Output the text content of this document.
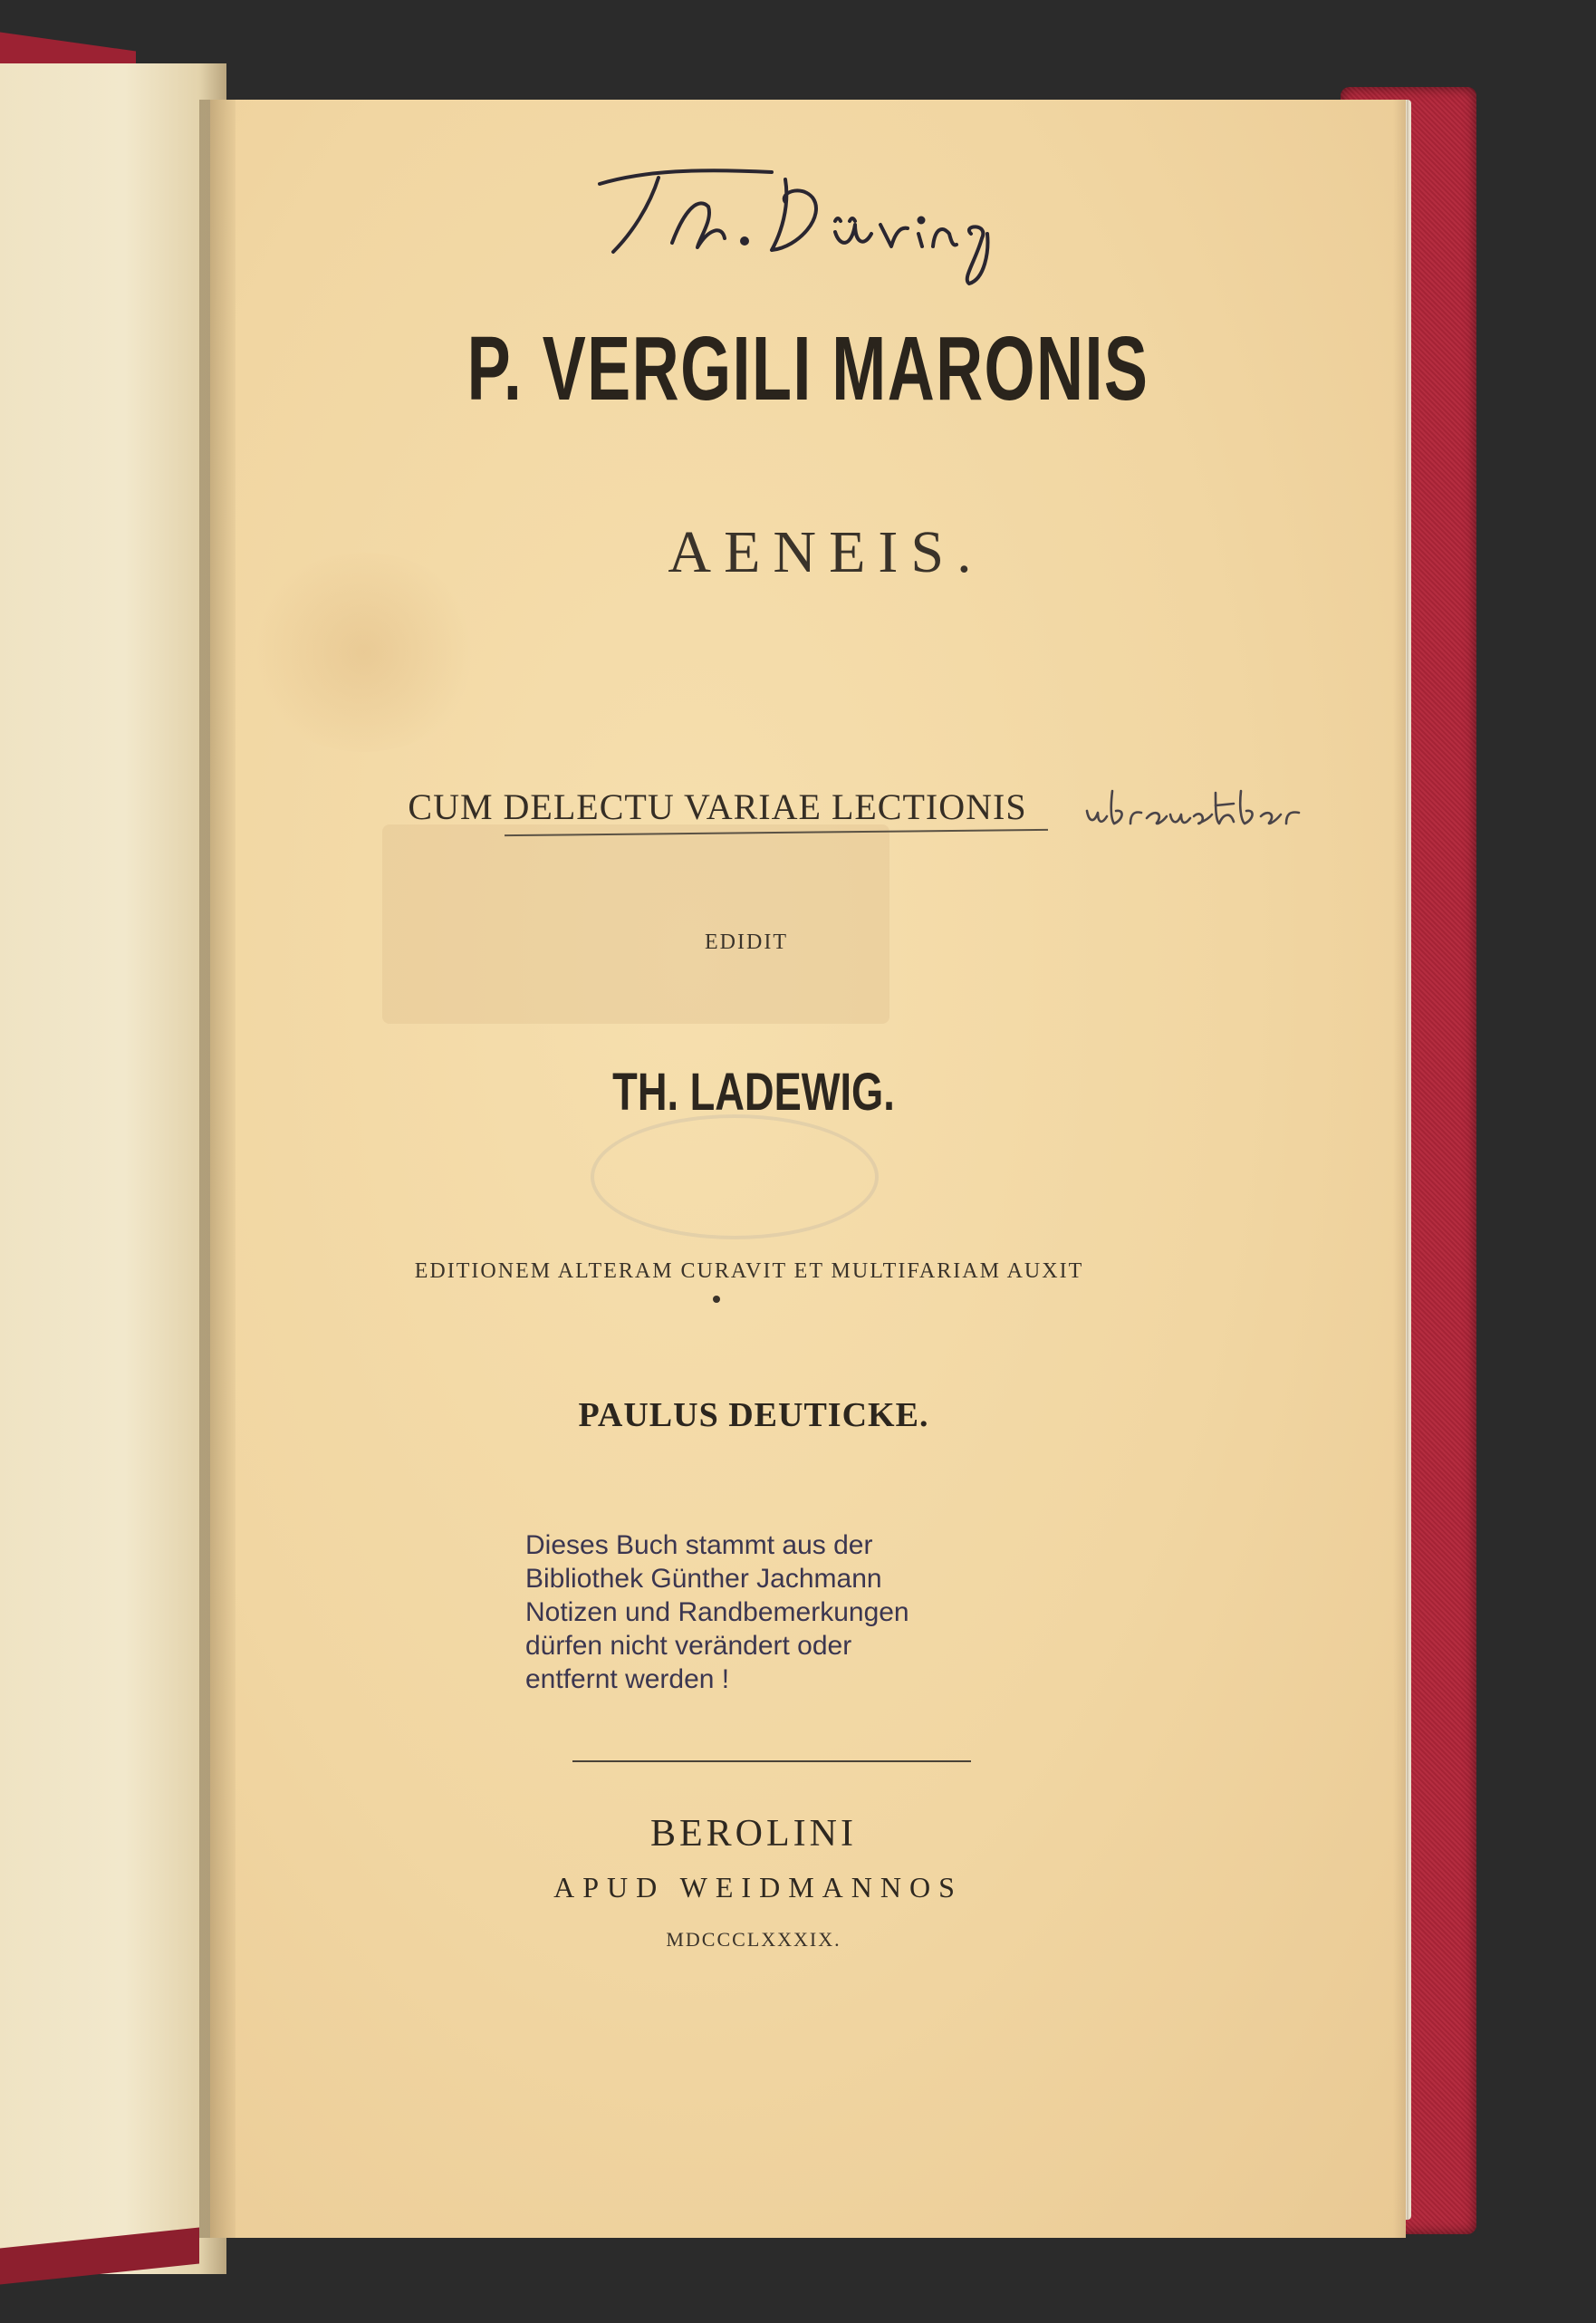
P. VERGILI MARONIS
AENEIS.
CUM DELECTU VARIAE LECTIONIS
EDIDIT
TH. LADEWIG.
EDITIONEM ALTERAM CURAVIT ET MULTIFARIAM AUXIT
PAULUS DEUTICKE.
Dieses Buch stammt aus der
Bibliothek Günther Jachmann
Notizen und Randbemerkungen
dürfen nicht verändert oder
entfernt werden !
BEROLINI
APUD WEIDMANNOS
MDCCCLXXXIX.
